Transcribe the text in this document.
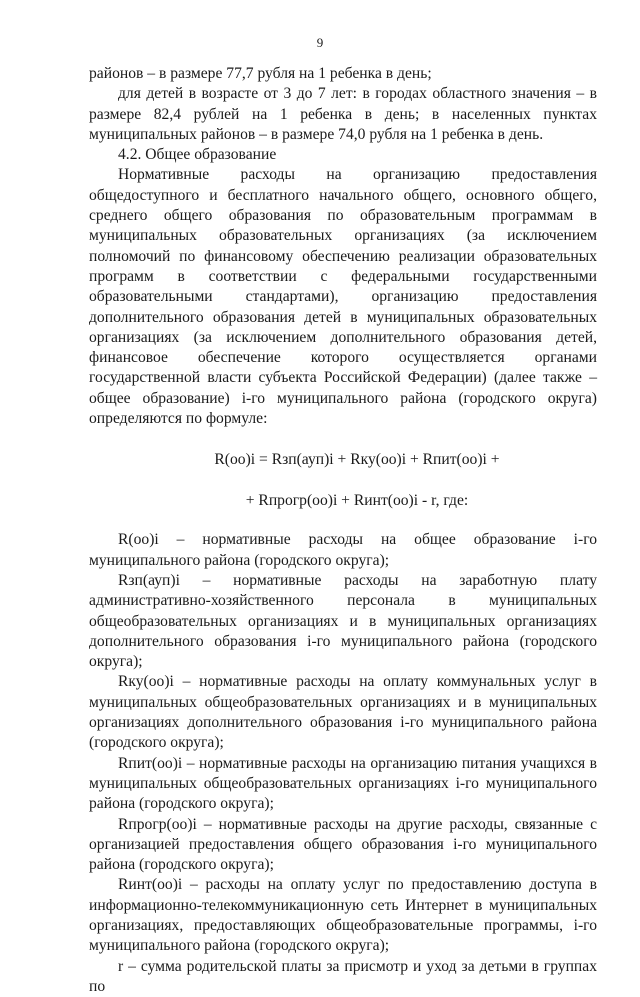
9

районов – в размере 77,7 рубля на 1 ребенка в день;

для детей в возрасте от 3 до 7 лет: в городах областного значения – в размере 82,4 рублей на 1 ребенка в день; в населенных пунктах муниципальных районов – в размере 74,0 рубля на 1 ребенка в день.

4.2. Общее образование

Нормативные расходы на организацию предоставления общедоступного и бесплатного начального общего, основного общего, среднего общего образования по образовательным программам в муниципальных образовательных организациях (за исключением полномочий по финансовому обеспечению реализации образовательных программ в соответствии с федеральными государственными образовательными стандартами), организацию предоставления дополнительного образования детей в муниципальных образовательных организациях (за исключением дополнительного образования детей, финансовое обеспечение которого осуществляется органами государственной власти субъекта Российской Федерации) (далее также – общее образование) i-го муниципального района (городского округа) определяются по формуле:

R(oo)i = Rзп(ауп)i + Rку(oo)i + Rпит(oo)i +

+ Rпрогр(oo)i + Rинт(oo)i - r, где:

R(oo)i – нормативные расходы на общее образование i-го муниципального района (городского округа);

Rзп(ауп)i – нормативные расходы на заработную плату административно-хозяйственного персонала в муниципальных общеобразовательных организациях и в муниципальных организациях дополнительного образования i-го муниципального района (городского округа);

Rку(oo)i – нормативные расходы на оплату коммунальных услуг в муниципальных общеобразовательных организациях и в муниципальных организациях дополнительного образования i-го муниципального района (городского округа);

Rпит(oo)i – нормативные расходы на организацию питания учащихся в муниципальных общеобразовательных организациях i-го муниципального района (городского округа);

Rпрогр(oo)i – нормативные расходы на другие расходы, связанные с организацией предоставления общего образования i-го муниципального района (городского округа);

Rинт(oo)i – расходы на оплату услуг по предоставлению доступа в информационно-телекоммуникационную сеть Интернет в муниципальных организациях, предоставляющих общеобразовательные программы, i-го муниципального района (городского округа);

r – сумма родительской платы за присмотр и уход за детьми в группах по
